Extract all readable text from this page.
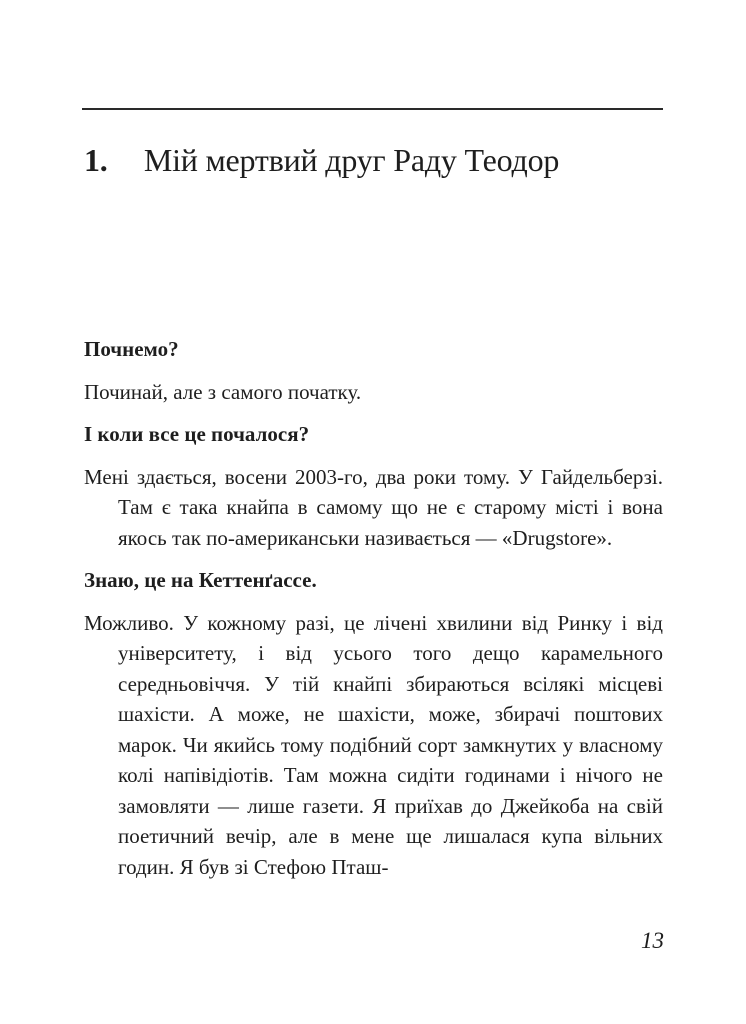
1. Мій мертвий друг Раду Теодор

Почнемо?

Починай, але з самого початку.

І коли все це почалося?

Мені здається, восени 2003-го, два роки тому. У Гайдельберзі. Там є така кнайпа в самому що не є старому місті і вона якось так по-американськи називається — «Drugstore».

Знаю, це на Кеттенґассе.

Можливо. У кожному разі, це лічені хвилини від Ринку і від університету, і від усього того дещо карамельного середньовіччя. У тій кнайпі збираються всілякі місцеві шахісти. А може, не шахісти, може, збирачі поштових марок. Чи якийсь тому подібний сорт замкнутих у власному колі напівідіотів. Там можна сидіти годинами і нічого не замовляти — лише газети. Я приїхав до Джейкоба на свій поетичний вечір, але в мене ще лишалася купа вільних годин. Я був зі Стефою Пташ-

13
